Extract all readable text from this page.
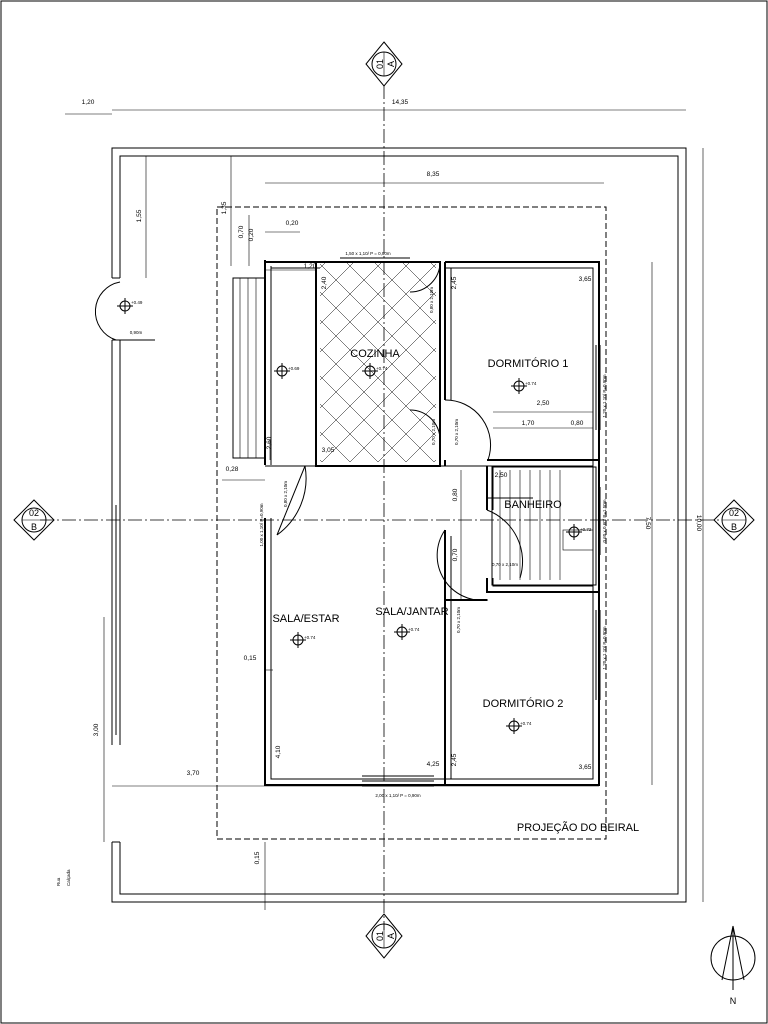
01 A
01 A
02
B
02
B
N
COZINHA
DORMITÓRIO 1
BANHEIRO
SALA/ESTAR
SALA/JANTAR
DORMITÓRIO 2
PROJEÇÃO DO BEIRAL
Rua Calçada
+0.49
+0.69	+0.74
+0.74
+0.72
+0.74
+0.74
+0.74
1,20	14,35
8,35
1,55
1,35
0,70 0,20
0,20
1,20
2,45	3,65
2,50
1,70	0,80
2,40
3,05
2,60
0,28
0,80
0,70
2,50
7,50	10,00
0,15
3,00
4,10
4,25 2,45
3,65
3,70
0,15
0,90m
1,50 x 1,10/ P = 0,90m
2,00 x 1,10/ P = 0,90m
0,80 x 2,10m
0,70 x 2,10m	0,70 x 2,10m
0,80 x 2,10m
1,00 x 1,10/ P=0,90m
0,70 x 2,10m
0,70 x 2,10m
1,20 x 1,10/ P=0,90m
0,60 x 0,60/ P=1,50m
1,20 x 1,10/ P=0,90m
